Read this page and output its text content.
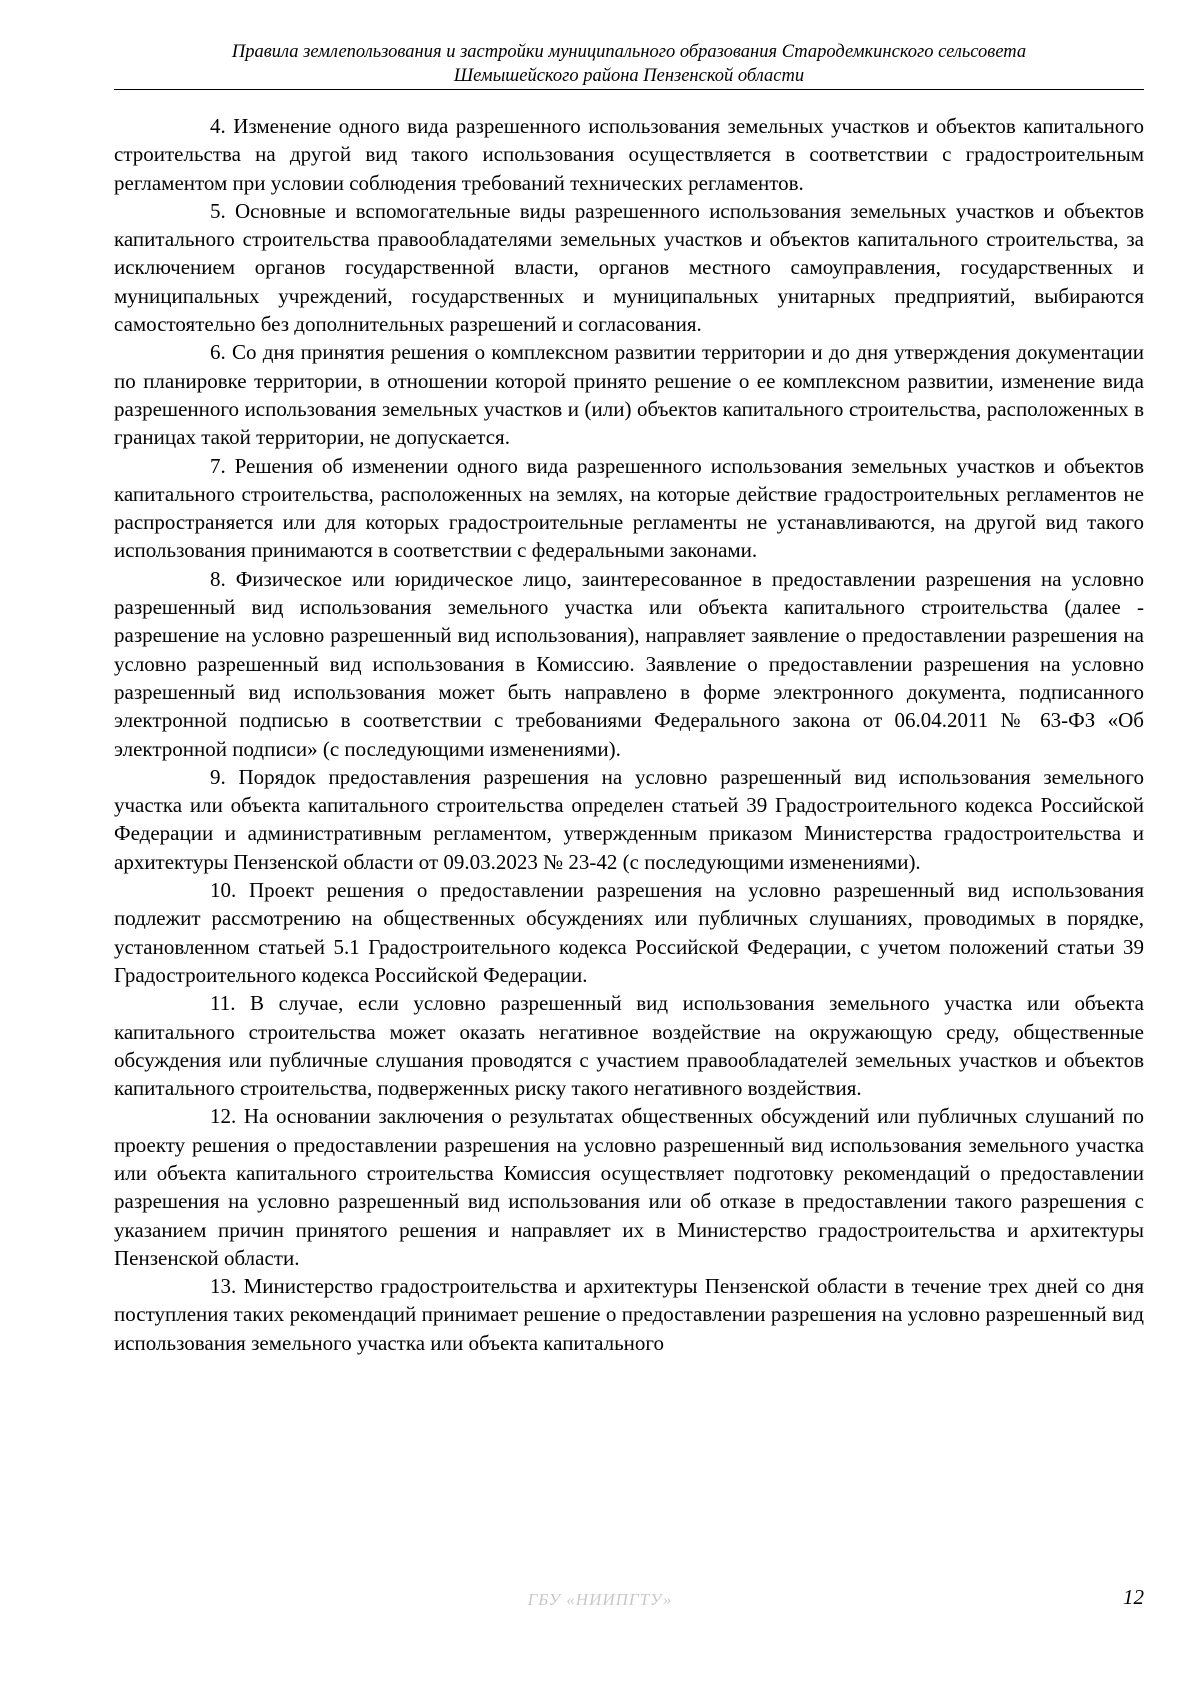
Правила землепользования и застройки муниципального образования Стародемкинского сельсовета
Шемышейского района Пензенской области

4. Изменение одного вида разрешенного использования земельных участков и объектов капитального строительства на другой вид такого использования осуществляется в соответствии с градостроительным регламентом при условии соблюдения требований технических регламентов.

5. Основные и вспомогательные виды разрешенного использования земельных участков и объектов капитального строительства правообладателями земельных участков и объектов капитального строительства, за исключением органов государственной власти, органов местного самоуправления, государственных и муниципальных учреждений, государственных и муниципальных унитарных предприятий, выбираются самостоятельно без дополнительных разрешений и согласования.

6. Со дня принятия решения о комплексном развитии территории и до дня утверждения документации по планировке территории, в отношении которой принято решение о ее комплексном развитии, изменение вида разрешенного использования земельных участков и (или) объектов капитального строительства, расположенных в границах такой территории, не допускается.

7. Решения об изменении одного вида разрешенного использования земельных участков и объектов капитального строительства, расположенных на землях, на которые действие градостроительных регламентов не распространяется или для которых градостроительные регламенты не устанавливаются, на другой вид такого использования принимаются в соответствии с федеральными законами.

8. Физическое или юридическое лицо, заинтересованное в предоставлении разрешения на условно разрешенный вид использования земельного участка или объекта капитального строительства (далее - разрешение на условно разрешенный вид использования), направляет заявление о предоставлении разрешения на условно разрешенный вид использования в Комиссию. Заявление о предоставлении разрешения на условно разрешенный вид использования может быть направлено в форме электронного документа, подписанного электронной подписью в соответствии с требованиями Федерального закона от 06.04.2011 № 63-ФЗ «Об электронной подписи» (с последующими изменениями).

9. Порядок предоставления разрешения на условно разрешенный вид использования земельного участка или объекта капитального строительства определен статьей 39 Градостроительного кодекса Российской Федерации и административным регламентом, утвержденным приказом Министерства градостроительства и архитектуры Пензенской области от 09.03.2023 № 23-42 (с последующими изменениями).

10. Проект решения о предоставлении разрешения на условно разрешенный вид использования подлежит рассмотрению на общественных обсуждениях или публичных слушаниях, проводимых в порядке, установленном статьей 5.1 Градостроительного кодекса Российской Федерации, с учетом положений статьи 39 Градостроительного кодекса Российской Федерации.

11. В случае, если условно разрешенный вид использования земельного участка или объекта капитального строительства может оказать негативное воздействие на окружающую среду, общественные обсуждения или публичные слушания проводятся с участием правообладателей земельных участков и объектов капитального строительства, подверженных риску такого негативного воздействия.

12. На основании заключения о результатах общественных обсуждений или публичных слушаний по проекту решения о предоставлении разрешения на условно разрешенный вид использования земельного участка или объекта капитального строительства Комиссия осуществляет подготовку рекомендаций о предоставлении разрешения на условно разрешенный вид использования или об отказе в предоставлении такого разрешения с указанием причин принятого решения и направляет их в Министерство градостроительства и архитектуры Пензенской области.

13. Министерство градостроительства и архитектуры Пензенской области в течение трех дней со дня поступления таких рекомендаций принимает решение о предоставлении разрешения на условно разрешенный вид использования земельного участка или объекта капитального

ГБУ «НИИПГТУ»	12
